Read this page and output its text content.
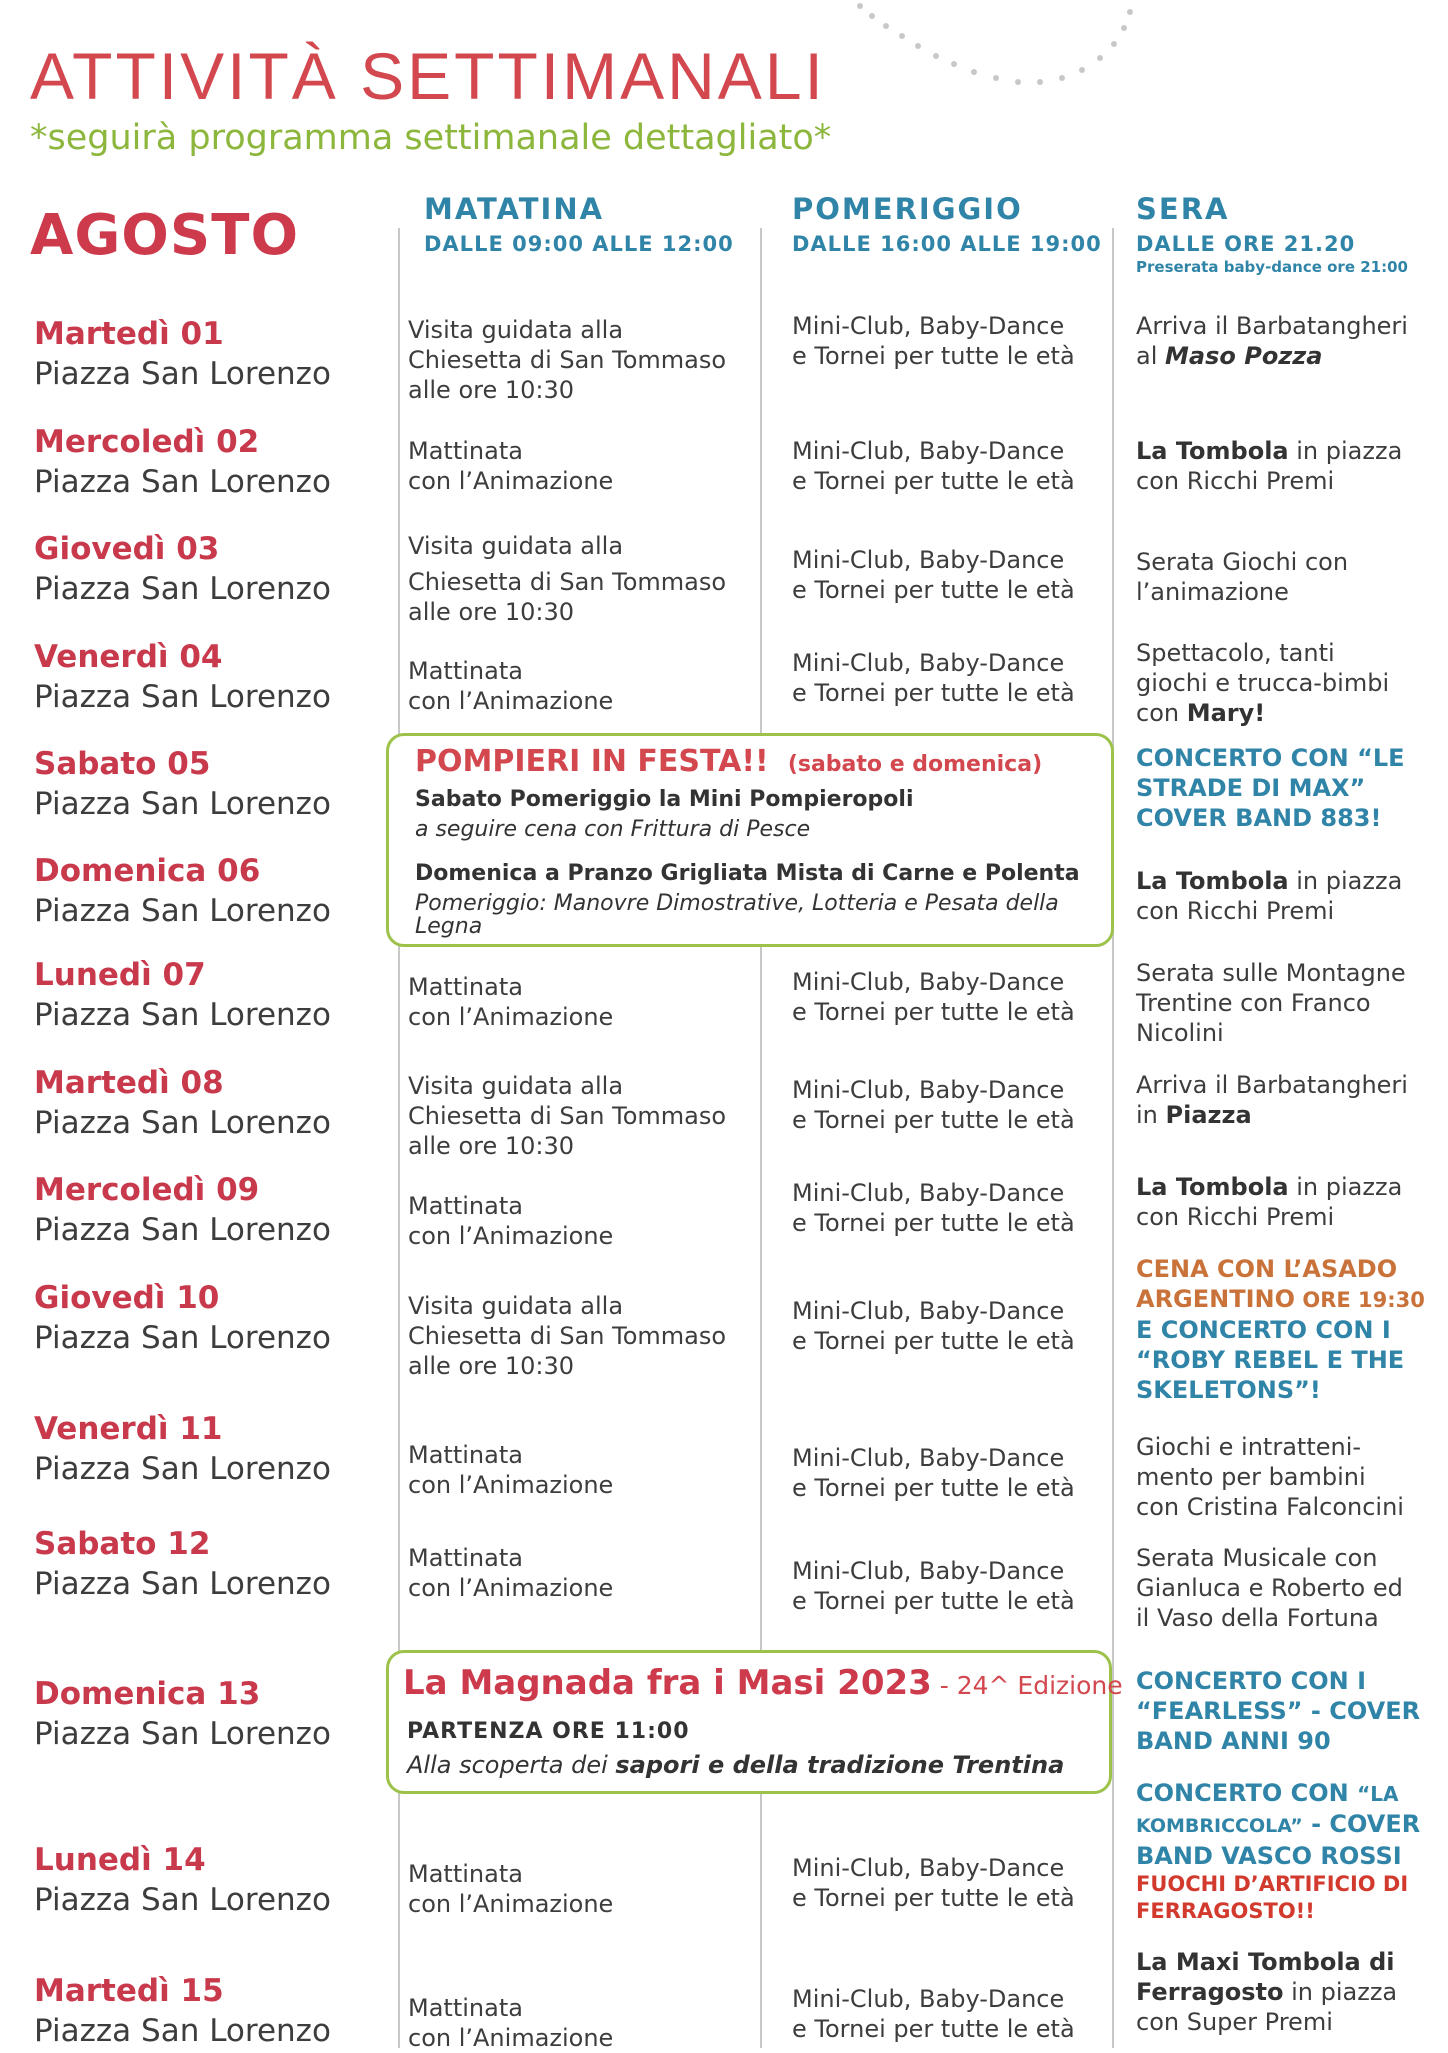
ATTIVITÀ SETTIMANALI
*seguirà programma settimanale dettagliato*
AGOSTO	MATATINA
DALLE 09:00 ALLE 12:00
POMERIGGIO
DALLE 16:00 ALLE 19:00
SERA
DALLE ORE 21.20
Preserata baby-dance ore 21:00
Martedì 01
Piazza San Lorenzo
Mercoledì 02
Piazza San Lorenzo
Giovedì 03
Piazza San Lorenzo
Venerdì 04
Piazza San Lorenzo
Sabato 05
Piazza San Lorenzo
Domenica 06
Piazza San Lorenzo
Lunedì 07
Piazza San Lorenzo
Martedì 08
Piazza San Lorenzo
Mercoledì 09
Piazza San Lorenzo
Giovedì 10
Piazza San Lorenzo
Venerdì 11
Piazza San Lorenzo
Sabato 12
Piazza San Lorenzo
Domenica 13
Piazza San Lorenzo
Lunedì 14
Piazza San Lorenzo
Martedì 15
Piazza San Lorenzo
Visita guidata alla
Chiesetta di San Tommaso
alle ore 10:30
Mattinata
con l’Animazione
Visita guidata alla
Chiesetta di San Tommaso
alle ore 10:30
Mattinata
con l’Animazione
Mattinata
con l’Animazione
Visita guidata alla
Chiesetta di San Tommaso
alle ore 10:30
Mattinata
con l’Animazione
Visita guidata alla
Chiesetta di San Tommaso
alle ore 10:30
Mattinata
con l’Animazione
Mattinata
con l’Animazione
Mattinata
con l’Animazione
Mattinata
con l’Animazione
Mini-Club, Baby-Dance
e Tornei per tutte le età
Mini-Club, Baby-Dance
e Tornei per tutte le età
Mini-Club, Baby-Dance
e Tornei per tutte le età
Mini-Club, Baby-Dance
e Tornei per tutte le età
Mini-Club, Baby-Dance
e Tornei per tutte le età
Mini-Club, Baby-Dance
e Tornei per tutte le età
Mini-Club, Baby-Dance
e Tornei per tutte le età
Mini-Club, Baby-Dance
e Tornei per tutte le età
Mini-Club, Baby-Dance
e Tornei per tutte le età
Mini-Club, Baby-Dance
e Tornei per tutte le età
Mini-Club, Baby-Dance
e Tornei per tutte le età
Mini-Club, Baby-Dance
e Tornei per tutte le età
Arriva il Barbatangheri
al Maso Pozza
La Tombola in piazza
con Ricchi Premi
Serata Giochi con
l’animazione
Spettacolo, tanti
giochi e trucca-bimbi
con Mary!
CONCERTO CON “LE
STRADE DI MAX”
COVER BAND 883!
La Tombola in piazza
con Ricchi Premi
Serata sulle Montagne
Trentine con Franco
Nicolini
Arriva il Barbatangheri
in Piazza
La Tombola in piazza
con Ricchi Premi
CENA CON L’ASADO
ARGENTINO ORE 19:30
E CONCERTO CON I
“ROBY REBEL E THE
SKELETONS”!
Giochi e intratteni-
mento per bambini
con Cristina Falconcini
Serata Musicale con
Gianluca e Roberto ed
il Vaso della Fortuna
CONCERTO CON I
“FEARLESS” - COVER
BAND ANNI 90
CONCERTO CON “LA
KOMBRICCOLA” - COVER
BAND VASCO ROSSI
FUOCHI D’ARTIFICIO DI
FERRAGOSTO!!
La Maxi Tombola di
Ferragosto in piazza
con Super Premi
POMPIERI IN FESTA!! (sabato e domenica)
Sabato Pomeriggio la Mini Pompieropoli
a seguire cena con Frittura di Pesce
Domenica a Pranzo Grigliata Mista di Carne e Polenta
Pomeriggio: Manovre Dimostrative, Lotteria e Pesata della
Legna
La Magnada fra i Masi 2023 - 24^ Edizione
PARTENZA ORE 11:00
Alla scoperta dei sapori e della tradizione Trentina
